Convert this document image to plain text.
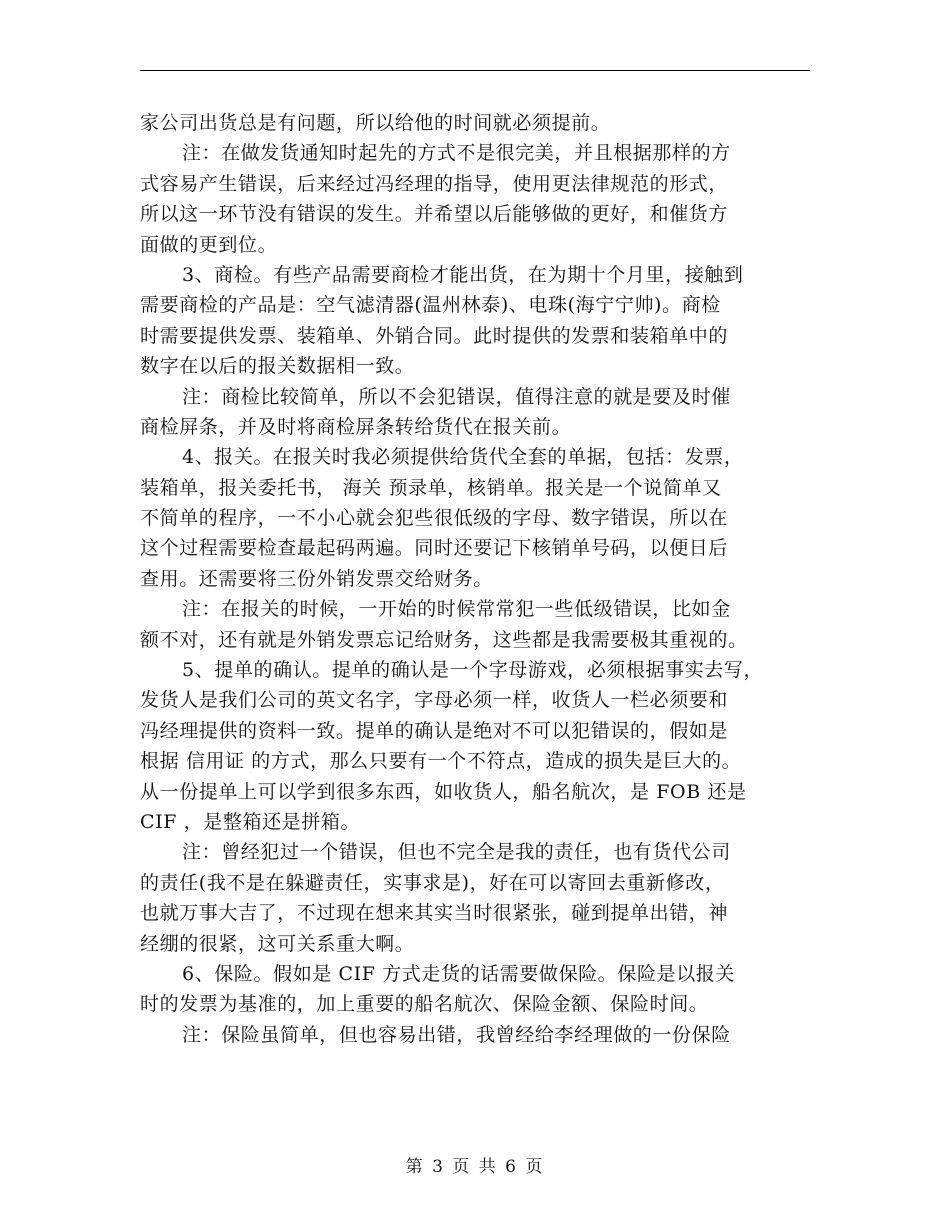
家公司出货总是有问题，所以给他的时间就必须提前。
注：在做发货通知时起先的方式不是很完美，并且根据那样的方
式容易产生错误，后来经过冯经理的指导，使用更法律规范的形式，
所以这一环节没有错误的发生。并希望以后能够做的更好，和催货方
面做的更到位。
3、商检。有些产品需要商检才能出货，在为期十个月里，接触到
需要商检的产品是：空气滤清器(温州林泰)、电珠(海宁宁帅)。商检
时需要提供发票、装箱单、外销合同。此时提供的发票和装箱单中的
数字在以后的报关数据相一致。
注：商检比较简单，所以不会犯错误，值得注意的就是要及时催
商检屏条，并及时将商检屏条转给货代在报关前。
4、报关。在报关时我必须提供给货代全套的单据，包括：发票，
装箱单，报关委托书， 海关 预录单，核销单。报关是一个说简单又
不简单的程序，一不小心就会犯些很低级的字母、数字错误，所以在
这个过程需要检查最起码两遍。同时还要记下核销单号码，以便日后
查用。还需要将三份外销发票交给财务。
注：在报关的时候，一开始的时候常常犯一些低级错误，比如金
额不对，还有就是外销发票忘记给财务，这些都是我需要极其重视的。
5、提单的确认。提单的确认是一个字母游戏，必须根据事实去写，
发货人是我们公司的英文名字，字母必须一样，收货人一栏必须要和
冯经理提供的资料一致。提单的确认是绝对不可以犯错误的，假如是
根据 信用证 的方式，那么只要有一个不符点，造成的损失是巨大的。
从一份提单上可以学到很多东西，如收货人，船名航次，是 FOB 还是
CIF ，是整箱还是拼箱。
注：曾经犯过一个错误，但也不完全是我的责任，也有货代公司
的责任(我不是在躲避责任，实事求是)，好在可以寄回去重新修改，
也就万事大吉了，不过现在想来其实当时很紧张，碰到提单出错，神
经绷的很紧，这可关系重大啊。
6、保险。假如是 CIF 方式走货的话需要做保险。保险是以报关
时的发票为基准的，加上重要的船名航次、保险金额、保险时间。
注：保险虽简单，但也容易出错，我曾经给李经理做的一份保险
第 3 页 共 6 页
